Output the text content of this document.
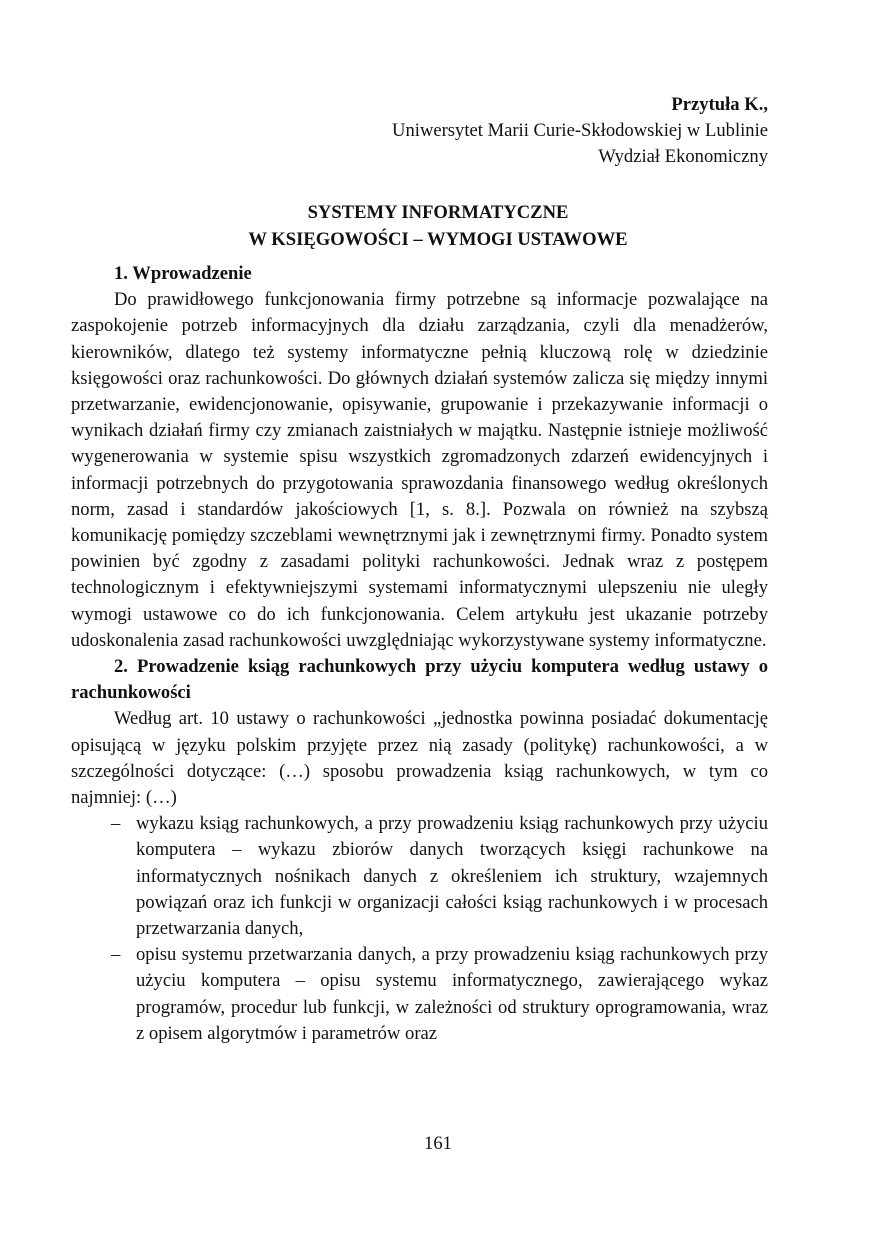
Przytuła K.,
Uniwersytet Marii Curie-Skłodowskiej w Lublinie
Wydział Ekonomiczny
SYSTEMY INFORMATYCZNE
W KSIĘGOWOŚCI – WYMOGI USTAWOWE
1. Wprowadzenie

Do prawidłowego funkcjonowania firmy potrzebne są informacje pozwalające na zaspokojenie potrzeb informacyjnych dla działu zarządzania, czyli dla menadżerów, kierowników, dlatego też systemy informatyczne pełnią kluczową rolę w dziedzinie księgowości oraz rachunkowości. Do głównych działań systemów zalicza się między innymi przetwarzanie, ewidencjonowanie, opisywanie, grupowanie i przekazywanie informacji o wynikach działań firmy czy zmianach zaistniałych w majątku. Następnie istnieje możliwość wygenerowania w systemie spisu wszystkich zgromadzonych zdarzeń ewidencyjnych i informacji potrzebnych do przygotowania sprawozdania finansowego według określonych norm, zasad i standardów jakościowych [1, s. 8.]. Pozwala on również na szybszą komunikację pomiędzy szczeblami wewnętrznymi jak i zewnętrznymi firmy. Ponadto system powinien być zgodny z zasadami polityki rachunkowości. Jednak wraz z postępem technologicznym i efektywniejszymi systemami informatycznymi ulepszeniu nie uległy wymogi ustawowe co do ich funkcjonowania. Celem artykułu jest ukazanie potrzeby udoskonalenia zasad rachunkowości uwzględniając wykorzystywane systemy informatyczne.

2. Prowadzenie ksiąg rachunkowych przy użyciu komputera według ustawy o rachunkowości

Według art. 10 ustawy o rachunkowości „jednostka powinna posiadać dokumentację opisującą w języku polskim przyjęte przez nią zasady (politykę) rachunkowości, a w szczególności dotyczące: (…) sposobu prowadzenia ksiąg rachunkowych, w tym co najmniej: (…)

– wykazu ksiąg rachunkowych, a przy prowadzeniu ksiąg rachunkowych przy użyciu komputera – wykazu zbiorów danych tworzących księgi rachunkowe na informatycznych nośnikach danych z określeniem ich struktury, wzajemnych powiązań oraz ich funkcji w organizacji całości ksiąg rachunkowych i w procesach przetwarzania danych,
– opisu systemu przetwarzania danych, a przy prowadzeniu ksiąg rachunkowych przy użyciu komputera – opisu systemu informatycznego, zawierającego wykaz programów, procedur lub funkcji, w zależności od struktury oprogramowania, wraz z opisem algorytmów i parametrów oraz
161
